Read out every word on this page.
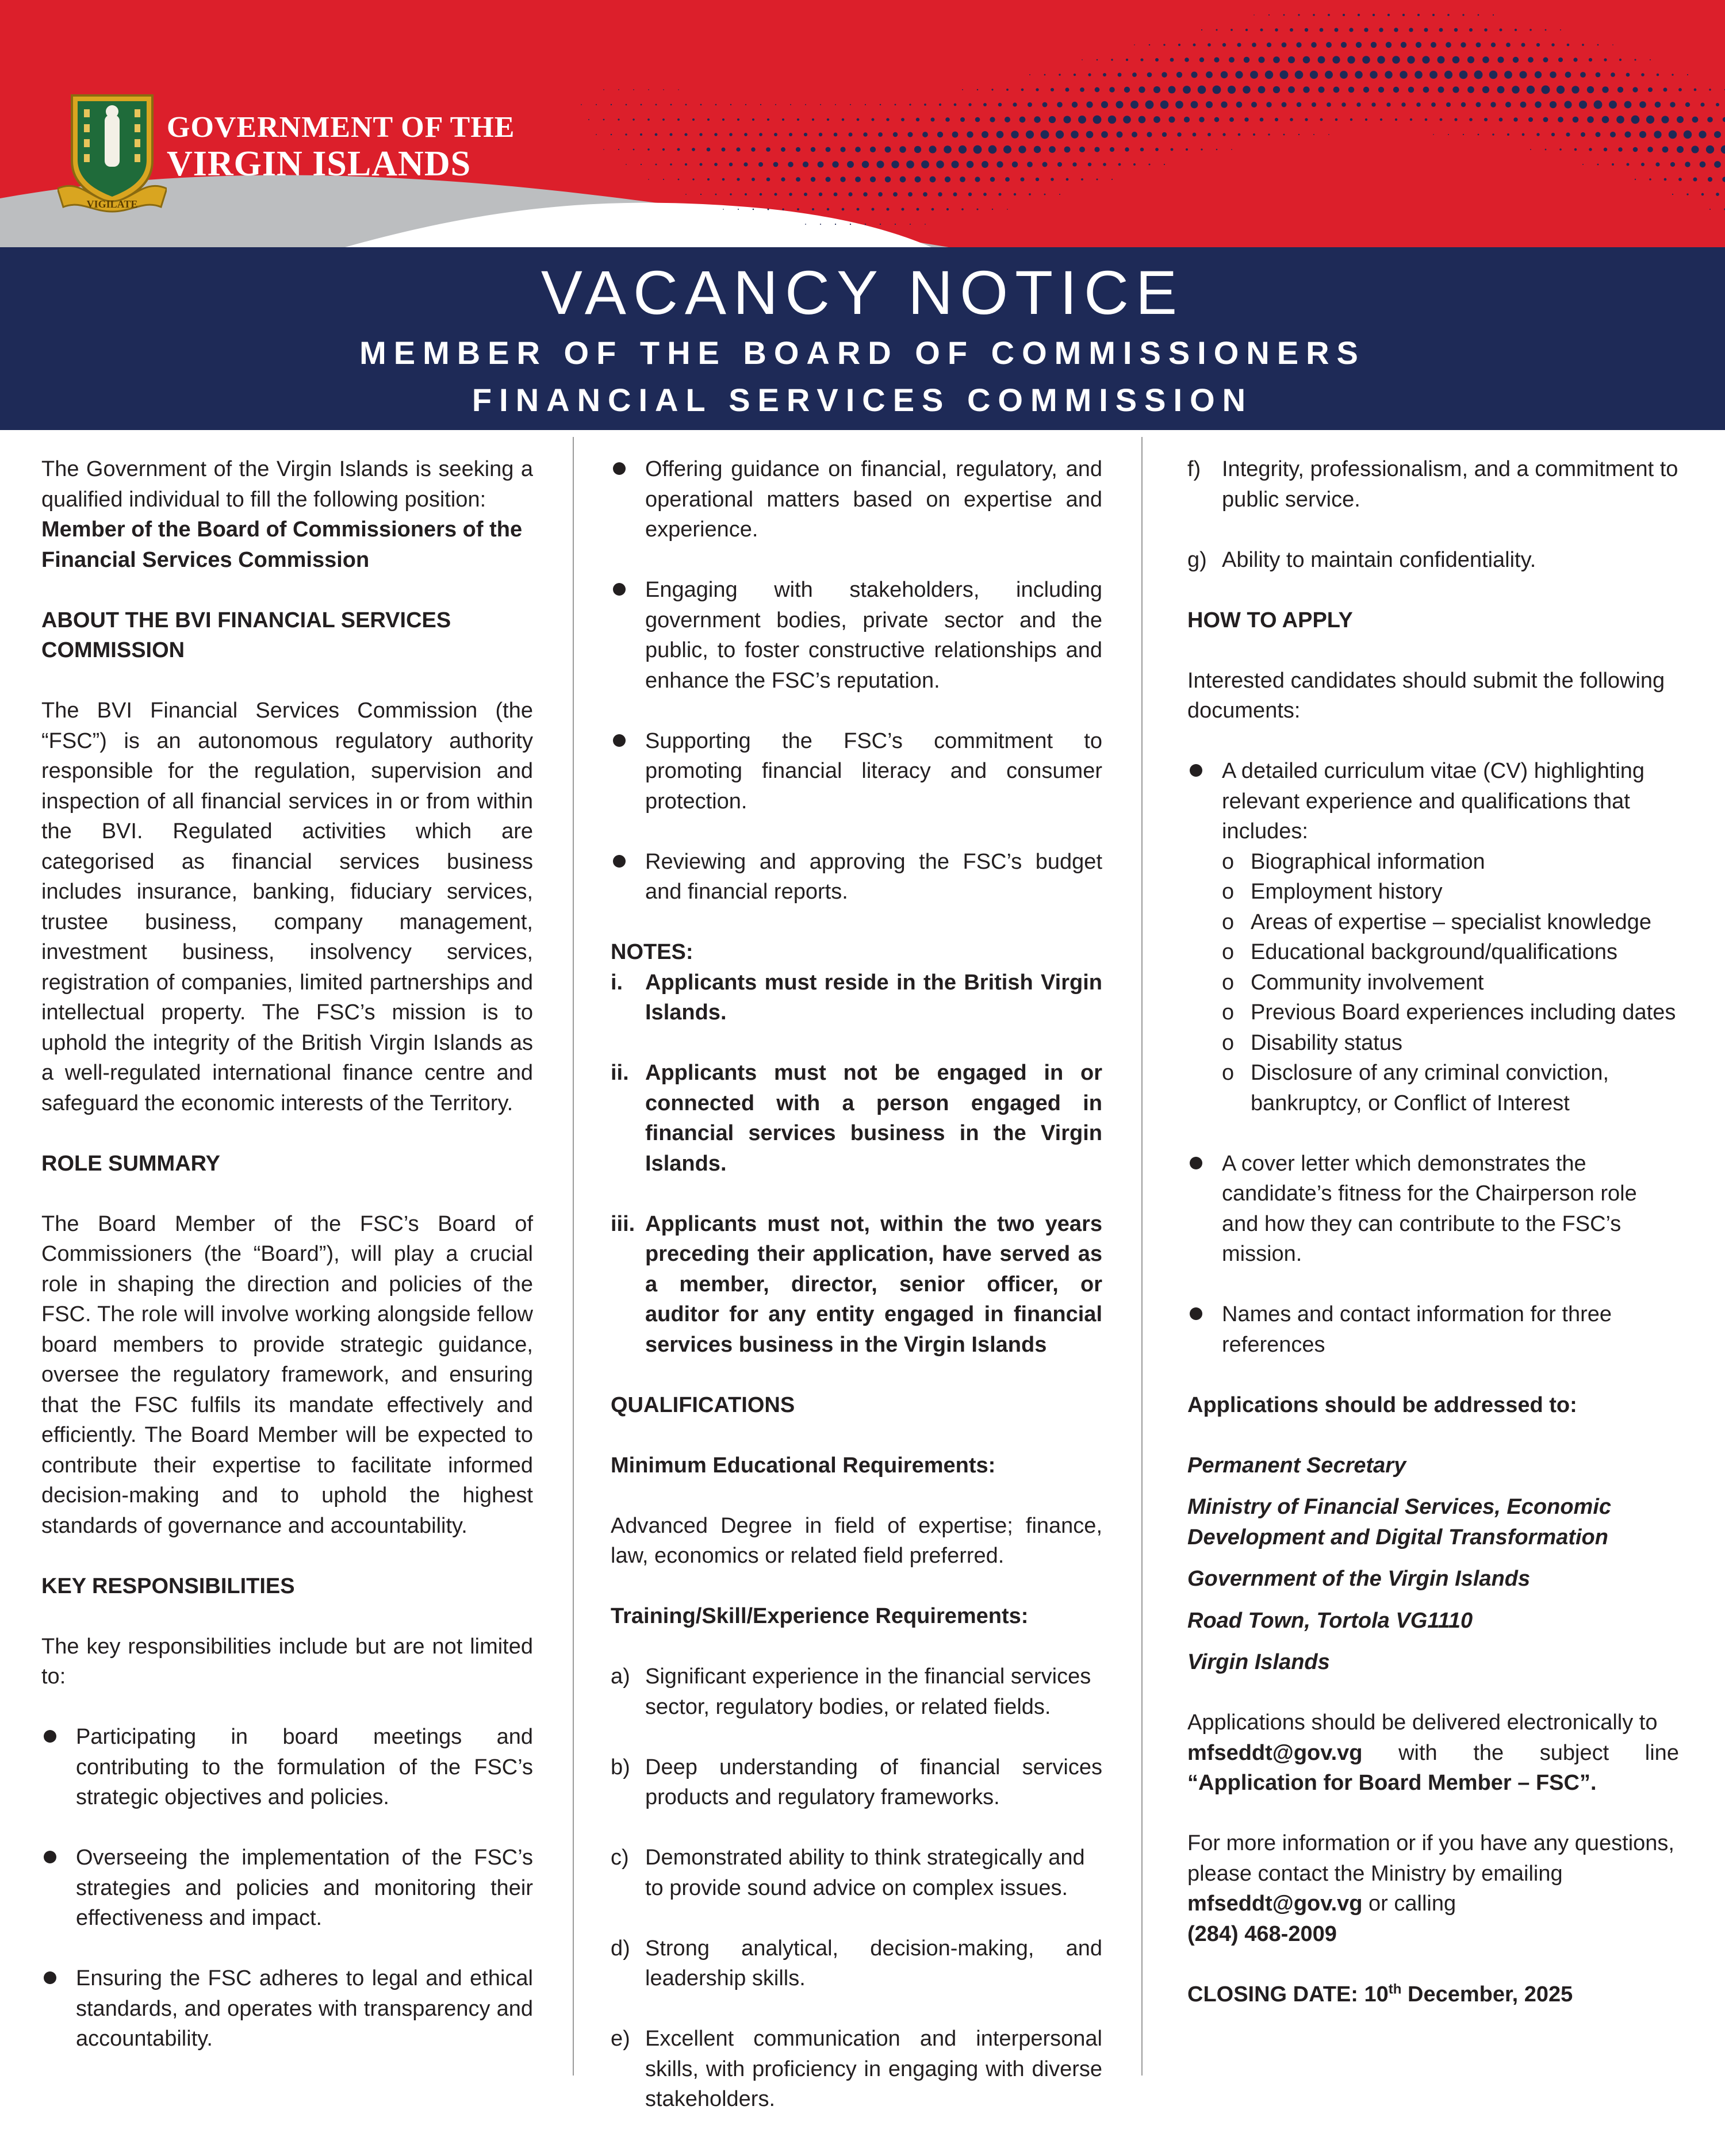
VIGILATE
GOVERNMENT OF THE
VIRGIN ISLANDS
VACANCY NOTICE
MEMBER OF THE BOARD OF COMMISSIONERS
FINANCIAL SERVICES COMMISSION

The Government of the Virgin Islands is seeking a qualified individual to fill the following position:

Member of the Board of Commissioners of the Financial Services Commission

ABOUT THE BVI FINANCIAL SERVICES COMMISSION

The BVI Financial Services Commission (the “FSC”) is an autonomous regulatory authority responsible for the regulation, supervision and inspection of all financial services in or from within the BVI. Regulated activities which are categorised as financial services business includes insurance, banking, fiduciary services, trustee business, company management, investment business, insolvency services, registration of companies, limited partnerships and intellectual property. The FSC’s mission is to uphold the integrity of the British Virgin Islands as a well-regulated international finance centre and safeguard the economic interests of the Territory.

ROLE SUMMARY

The Board Member of the FSC’s Board of Commissioners (the “Board”), will play a crucial role in shaping the direction and policies of the FSC. The role will involve working alongside fellow board members to provide strategic guidance, oversee the regulatory framework, and ensuring that the FSC fulfils its mandate effectively and efficiently. The Board Member will be expected to contribute their expertise to facilitate informed decision-making and to uphold the highest standards of governance and accountability.

KEY RESPONSIBILITIES

The key responsibilities include but are not limited to:

Participating in board meetings and contributing to the formulation of the FSC’s strategic objectives and policies.
Overseeing the implementation of the FSC’s strategies and policies and monitoring their effectiveness and impact.
Ensuring the FSC adheres to legal and ethical standards, and operates with transparency and accountability.
Offering guidance on financial, regulatory, and operational matters based on expertise and experience.
Engaging with stakeholders, including government bodies, private sector and the public, to foster constructive relationships and enhance the FSC’s reputation.
Supporting the FSC’s commitment to promoting financial literacy and consumer protection.
Reviewing and approving the FSC’s budget and financial reports.

NOTES:

i. Applicants must reside in the British Virgin Islands.
ii. Applicants must not be engaged in or connected with a person engaged in financial services business in the Virgin Islands.
iii. Applicants must not, within the two years preceding their application, have served as a member, director, senior officer, or auditor for any entity engaged in financial services business in the Virgin Islands

QUALIFICATIONS

Minimum Educational Requirements:

Advanced Degree in field of expertise; finance, law, economics or related field preferred.

Training/Skill/Experience Requirements:

a) Significant experience in the financial services sector, regulatory bodies, or related fields.
b) Deep understanding of financial services products and regulatory frameworks.
c) Demonstrated ability to think strategically and to provide sound advice on complex issues.
d) Strong analytical, decision-making, and leadership skills.
e) Excellent communication and interpersonal skills, with proficiency in engaging with diverse stakeholders.
f) Integrity, professionalism, and a commitment to public service.
g) Ability to maintain confidentiality.

HOW TO APPLY

Interested candidates should submit the following documents:

A detailed curriculum vitae (CV) highlighting relevant experience and qualifications that includes:
o Biographical information
o Employment history
o Areas of expertise – specialist knowledge
o Educational background/qualifications
o Community involvement
o Previous Board experiences including dates
o Disability status
o Disclosure of any criminal conviction, bankruptcy, or Conflict of Interest
A cover letter which demonstrates the candidate’s fitness for the Chairperson role and how they can contribute to the FSC’s mission.
Names and contact information for three references

Applications should be addressed to:

Permanent Secretary

Ministry of Financial Services, Economic Development and Digital Transformation

Government of the Virgin Islands

Road Town, Tortola VG1110

Virgin Islands

Applications should be delivered electronically to
mfseddt@gov.vg with the subject line
“Application for Board Member – FSC”.
For more information or if you have any questions, please contact the Ministry by emailing  mfseddt@gov.vg or calling
(284) 468-2009
CLOSING DATE: 10th December, 2025
